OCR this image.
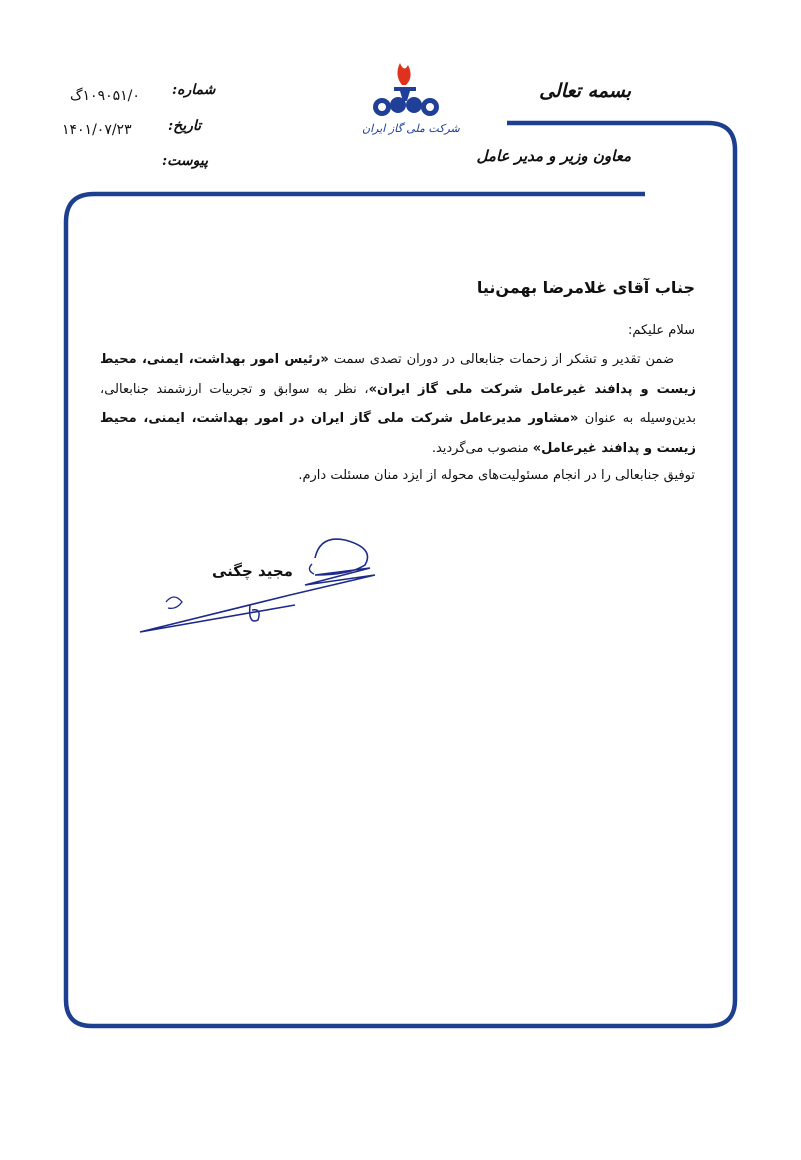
بسمه تعالی
معاون وزیر و مدیر عامل
شرکت ملی گاز ایران
شماره:
۱۰۹۰۵۱/۰گ
تاریخ:
۱۴۰۱/۰۷/۲۳
پیوست:
جناب آقای غلامرضا بهمن‌نیا
سلام علیکم:
ضمن تقدیر و تشکر از زحمات جنابعالی در دوران تصدی سمت «رئیس امور بهداشت، ایمنی، محیط زیست و پدافند غیرعامل شرکت ملی گاز ایران»، نظر به سوابق و تجربیات ارزشمند جنابعالی، بدین‌وسیله به عنوان «مشاور مدیرعامل شرکت ملی گاز ایران در امور بهداشت، ایمنی، محیط زیست و پدافند غیرعامل» منصوب می‌گردید.
توفیق جنابعالی را در انجام مسئولیت‌های محوله از ایزد منان مسئلت دارم.
مجید چگنی
